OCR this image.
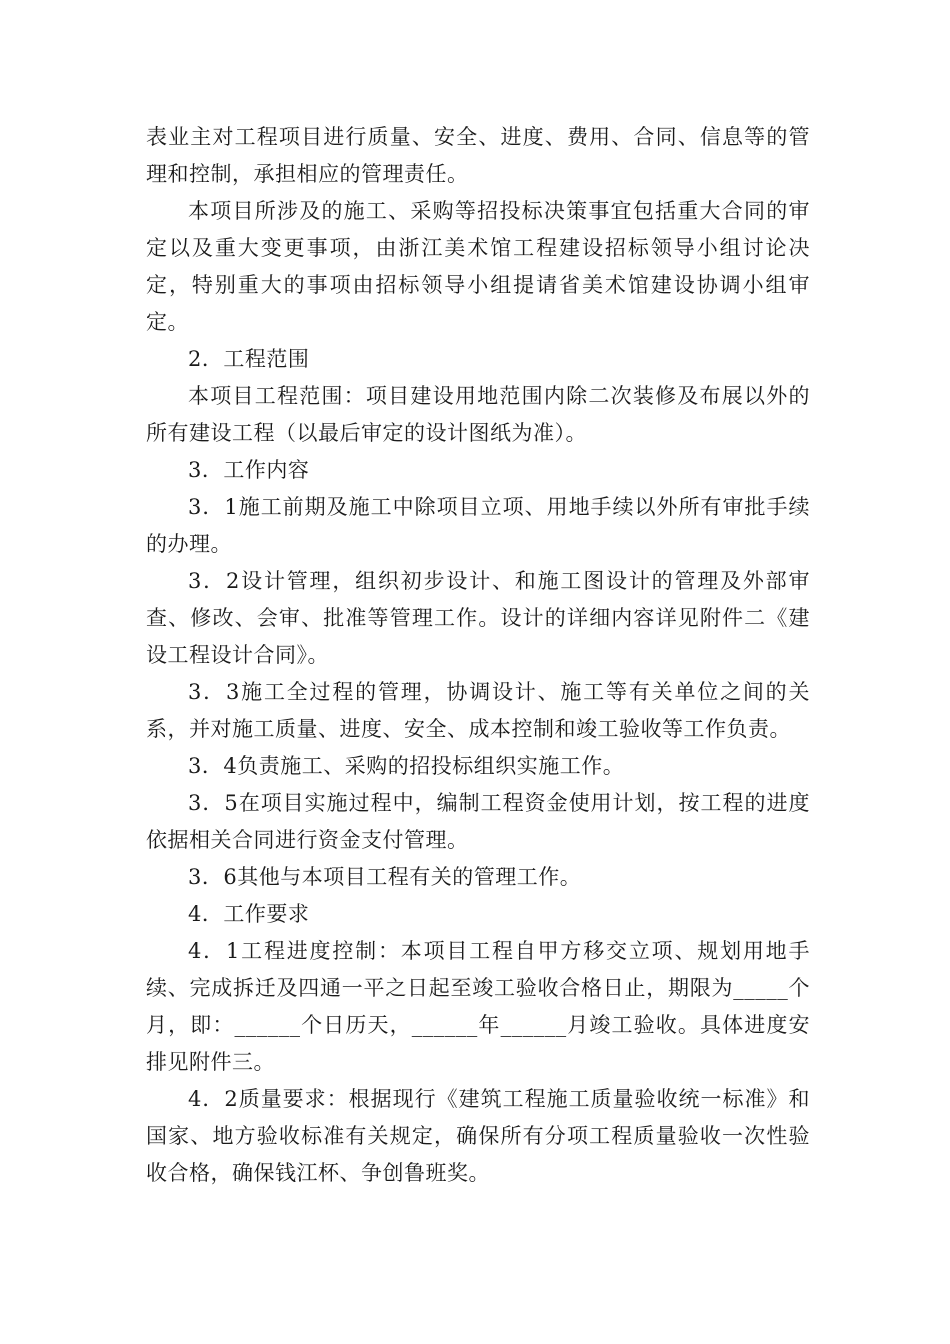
表业主对工程项目进行质量、安全、进度、费用、合同、信息等的管理和控制，承担相应的管理责任。

本项目所涉及的施工、采购等招投标决策事宜包括重大合同的审定以及重大变更事项，由浙江美术馆工程建设招标领导小组讨论决定，特别重大的事项由招标领导小组提请省美术馆建设协调小组审定。

2．工程范围

本项目工程范围：项目建设用地范围内除二次装修及布展以外的所有建设工程（以最后审定的设计图纸为准）。

3．工作内容

3．1施工前期及施工中除项目立项、用地手续以外所有审批手续的办理。

3．2设计管理，组织初步设计、和施工图设计的管理及外部审查、修改、会审、批准等管理工作。设计的详细内容详见附件二《建设工程设计合同》。

3．3施工全过程的管理，协调设计、施工等有关单位之间的关系，并对施工质量、进度、安全、成本控制和竣工验收等工作负责。

3．4负责施工、采购的招投标组织实施工作。

3．5在项目实施过程中，编制工程资金使用计划，按工程的进度依据相关合同进行资金支付管理。

3．6其他与本项目工程有关的管理工作。

4．工作要求

4．1工程进度控制：本项目工程自甲方移交立项、规划用地手续、完成拆迁及四通一平之日起至竣工验收合格日止，期限为_____个月，即：______个日历天，______年______月竣工验收。具体进度安排见附件三。

4．2质量要求：根据现行《建筑工程施工质量验收统一标准》和国家、地方验收标准有关规定，确保所有分项工程质量验收一次性验收合格，确保钱江杯、争创鲁班奖。
